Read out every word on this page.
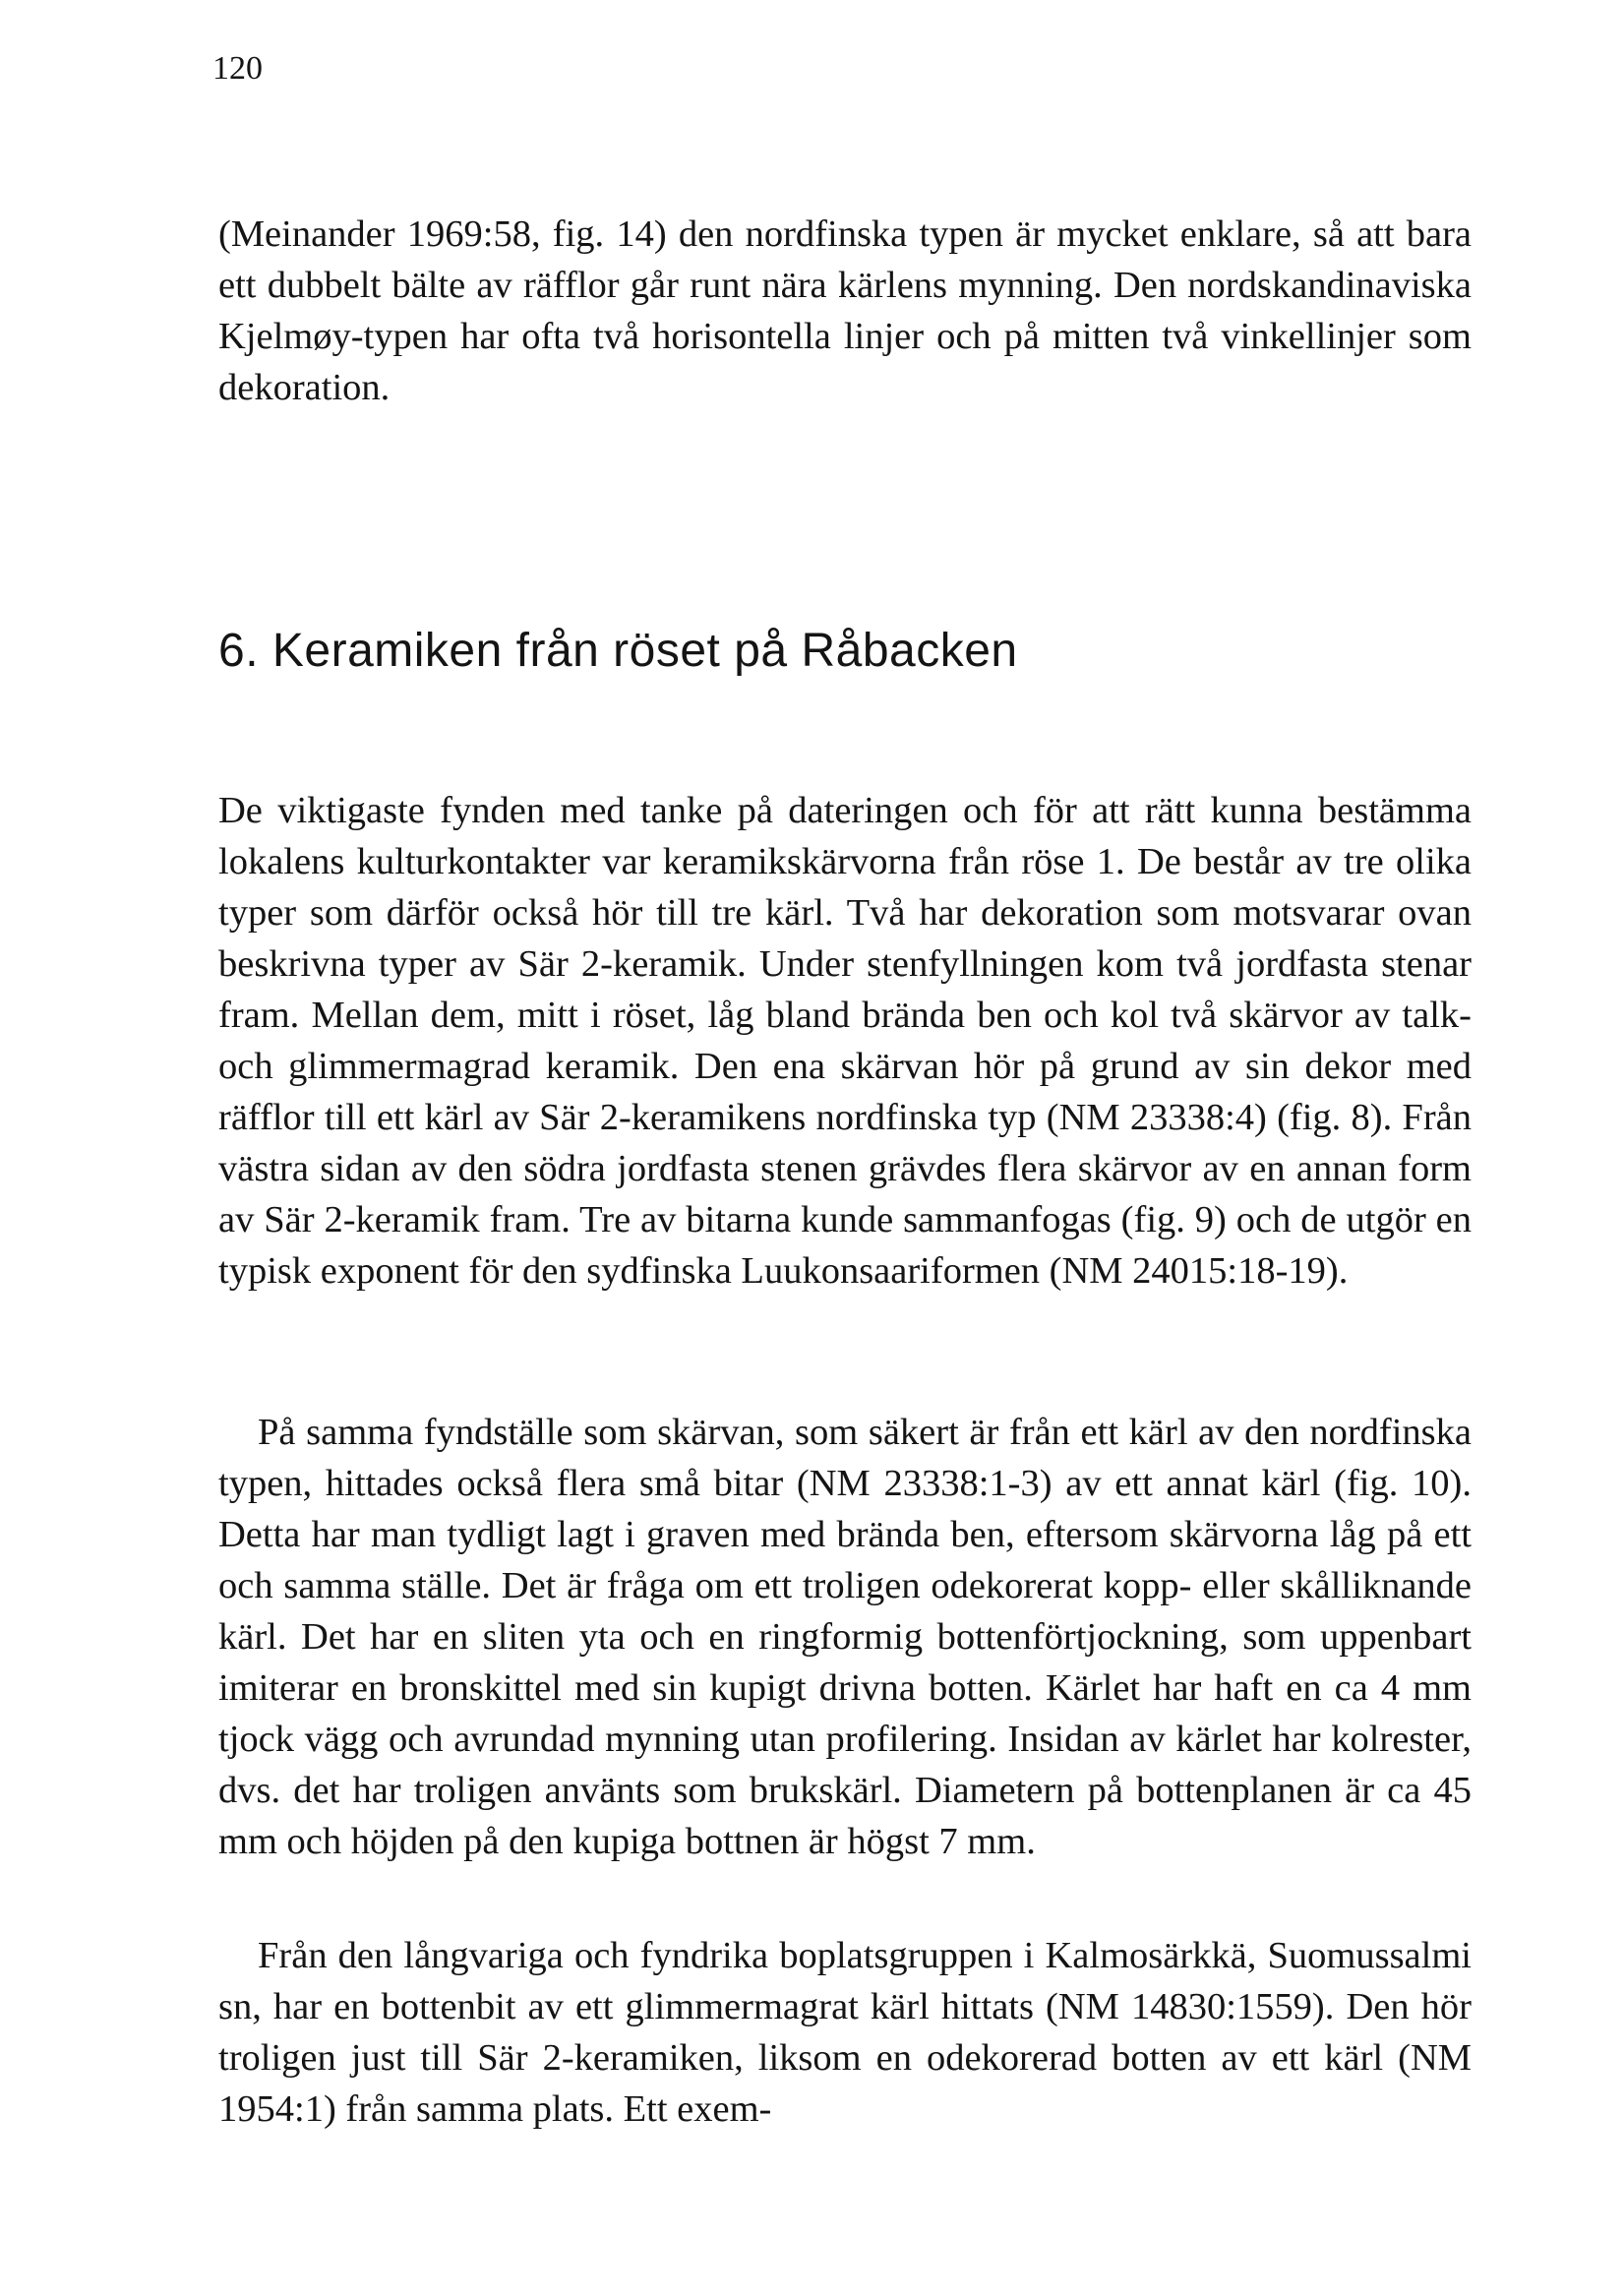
120

(Meinander 1969:58, fig. 14) den nordfinska typen är mycket enklare, så att bara ett dubbelt bälte av räfflor går runt nära kärlens mynning. Den nordskandinaviska Kjelmøy-typen har ofta två horisontella linjer och på mitten två vinkellinjer som dekoration.

6. Keramiken från röset på Råbacken

De viktigaste fynden med tanke på dateringen och för att rätt kunna bestämma lokalens kulturkontakter var keramikskärvorna från röse 1. De består av tre olika typer som därför också hör till tre kärl. Två har dekoration som motsvarar ovan beskrivna typer av Sär 2-keramik. Under stenfyllningen kom två jordfasta stenar fram. Mellan dem, mitt i röset, låg bland brända ben och kol två skärvor av talk- och glimmermagrad keramik. Den ena skärvan hör på grund av sin dekor med räfflor till ett kärl av Sär 2-keramikens nordfinska typ (NM 23338:4) (fig. 8). Från västra sidan av den södra jordfasta stenen grävdes flera skärvor av en annan form av Sär 2-keramik fram. Tre av bitarna kunde sammanfogas (fig. 9) och de utgör en typisk exponent för den sydfinska Luukonsaariformen (NM 24015:18-19).

På samma fyndställe som skärvan, som säkert är från ett kärl av den nordfinska typen, hittades också flera små bitar (NM 23338:1-3) av ett annat kärl (fig. 10). Detta har man tydligt lagt i graven med brända ben, eftersom skärvorna låg på ett och samma ställe. Det är fråga om ett troligen odekorerat kopp- eller skålliknande kärl. Det har en sliten yta och en ringformig bottenförtjockning, som uppenbart imiterar en bronskittel med sin kupigt drivna botten. Kärlet har haft en ca 4 mm tjock vägg och avrundad mynning utan profilering. Insidan av kärlet har kolrester, dvs. det har troligen använts som brukskärl. Diametern på bottenplanen är ca 45 mm och höjden på den kupiga bottnen är högst 7 mm.

Från den långvariga och fyndrika boplatsgruppen i Kalmosärkkä, Suomussalmi sn, har en bottenbit av ett glimmermagrat kärl hittats (NM 14830:1559). Den hör troligen just till Sär 2-keramiken, liksom en odekorerad botten av ett kärl (NM 1954:1) från samma plats. Ett exem-
